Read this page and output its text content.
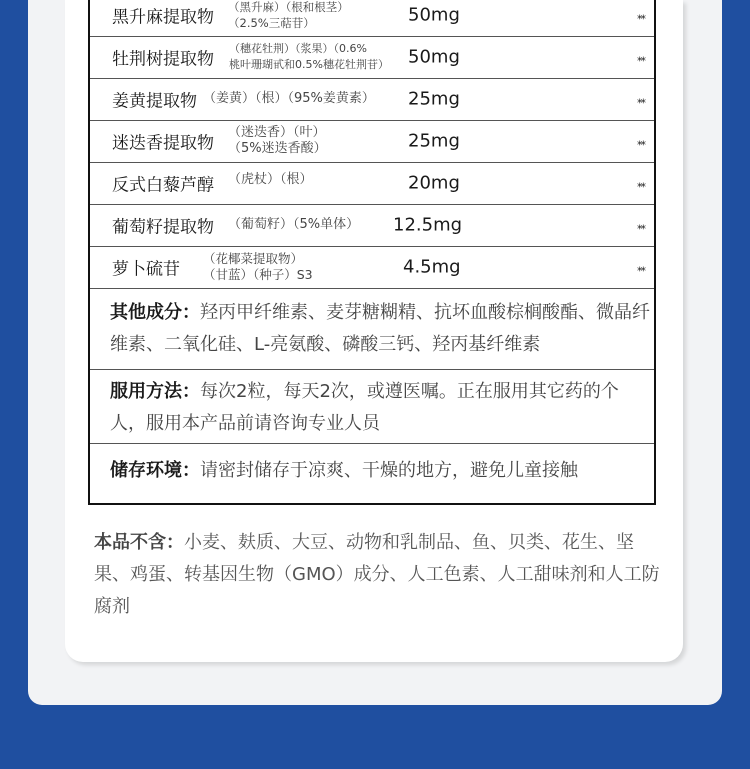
黑升麻提取物
（黑升麻）（根和根茎）
（2.5%三萜苷）	50mg	**
牡荆树提取物
（穗花牡荆）（浆果）（0.6%
桃叶珊瑚甙和0.5%穗花牡荆苷） 50mg	**
姜黄提取物 （姜黄）（根）（95%姜黄素） 25mg	**
迷迭香提取物
（迷迭香）（叶）
（5%迷迭香酸）	25mg	**
反式白藜芦醇 （虎杖）（根）	20mg	**
葡萄籽提取物 （葡萄籽）（5%单体） 12.5mg	**
萝卜硫苷
（花椰菜提取物）
（甘蓝）（种子）S3	4.5mg	**
其他成分：羟丙甲纤维素、麦芽糖糊精、抗坏血酸棕榈酸酯、微晶纤维素、二氧化硅、L-亮氨酸、磷酸三钙、羟丙基纤维素
服用方法：每次2粒，每天2次，或遵医嘱。正在服用其它药的个人，服用本产品前请咨询专业人员
储存环境：请密封储存于凉爽、干燥的地方，避免儿童接触
本品不含：小麦、麸质、大豆、动物和乳制品、鱼、贝类、花生、坚果、鸡蛋、转基因生物（GMO）成分、人工色素、人工甜味剂和人工防腐剂
